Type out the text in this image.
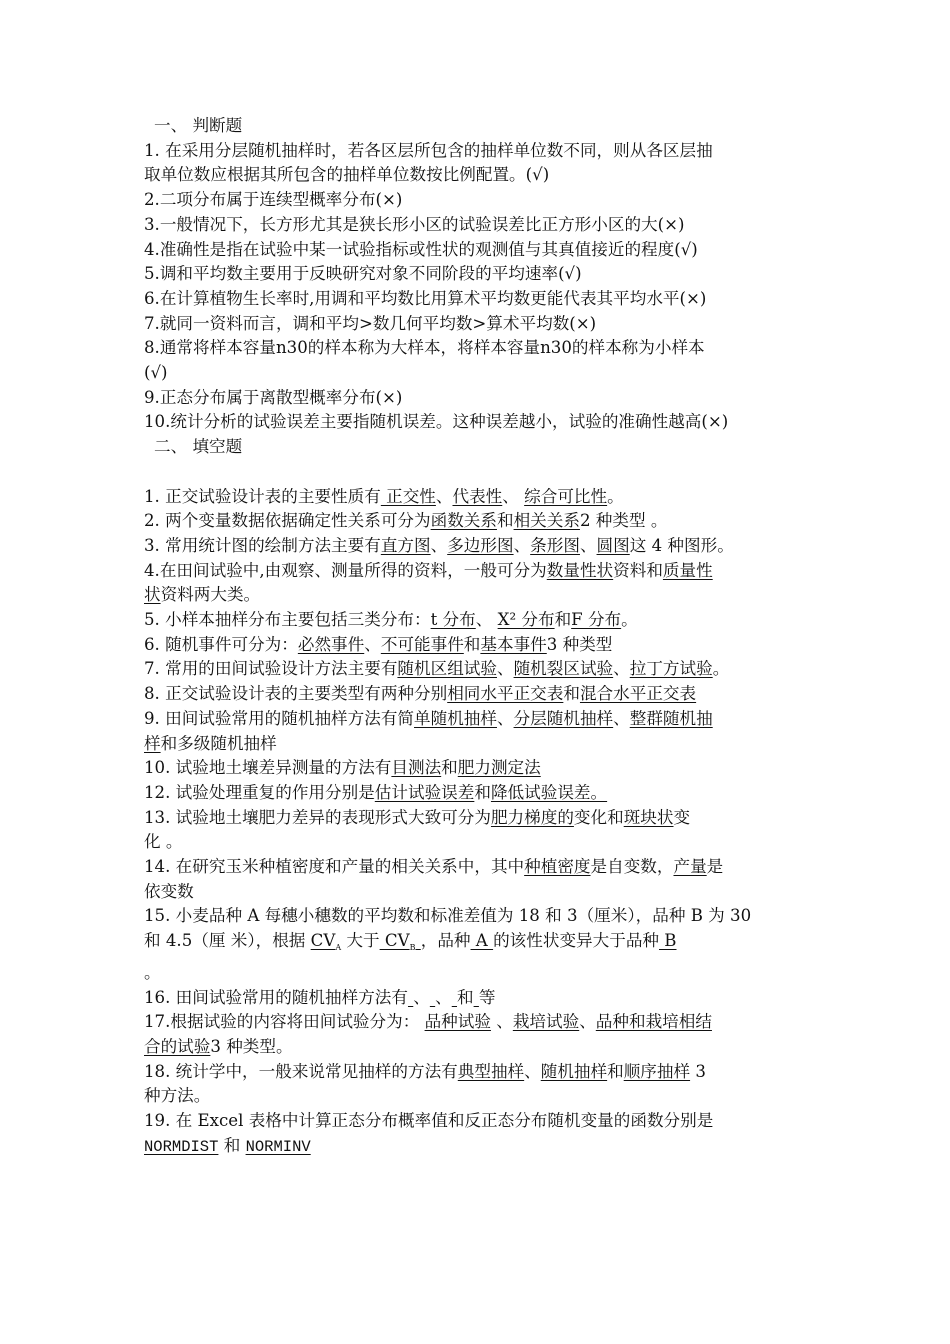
一、 判断题
1. 在采用分层随机抽样时，若各区层所包含的抽样单位数不同，则从各区层抽
取单位数应根据其所包含的抽样单位数按比例配置。(√)
2.二项分布属于连续型概率分布(×)
3.一般情况下，长方形尤其是狭长形小区的试验误差比正方形小区的大(×)
4.准确性是指在试验中某一试验指标或性状的观测值与其真值接近的程度(√)
5.调和平均数主要用于反映研究对象不同阶段的平均速率(√)
6.在计算植物生长率时,用调和平均数比用算术平均数更能代表其平均水平(×)
7.就同一资料而言，调和平均>数几何平均数>算术平均数(×)
8.通常将样本容量n30的样本称为大样本，将样本容量n30的样本称为小样本
(√)
9.正态分布属于离散型概率分布(×)
10.统计分析的试验误差主要指随机误差。这种误差越小，试验的准确性越高(×)
二、 填空题
1. 正交试验设计表的主要性质有 正交性、代表性、 综合可比性。
2. 两个变量数据依据确定性关系可分为函数关系和相关关系2 种类型 。
3. 常用统计图的绘制方法主要有直方图、多边形图、条形图、圆图这 4 种图形。
4.在田间试验中,由观察、测量所得的资料，一般可分为数量性状资料和质量性
状资料两大类。
5. 小样本抽样分布主要包括三类分布：t 分布、 X² 分布和F 分布。
6. 随机事件可分为：必然事件、不可能事件和基本事件3 种类型
7. 常用的田间试验设计方法主要有随机区组试验、随机裂区试验、拉丁方试验。
8. 正交试验设计表的主要类型有两种分别相同水平正交表和混合水平正交表
9. 田间试验常用的随机抽样方法有简单随机抽样、分层随机抽样、整群随机抽
样和多级随机抽样
10. 试验地土壤差异测量的方法有目测法和肥力测定法
12. 试验处理重复的作用分别是估计试验误差和降低试验误差。
13. 试验地土壤肥力差异的表现形式大致可分为肥力梯度的变化和斑块状变
化 。
14. 在研究玉米种植密度和产量的相关关系中，其中种植密度是自变数，产量是
依变数
15. 小麦品种 A 每穗小穗数的平均数和标准差值为 18 和 3（厘米），品种 B 为 30
和 4.5（厘 米），根据 $CV_A$ 大于 $CV_B$ ，品种 A 的该性状变异大于品种 B
。
16. 田间试验常用的随机抽样方法有 、 、 和 等
17.根据试验的内容将田间试验分为： 品种试验 、栽培试验、品种和栽培相结
合的试验3 种类型。
18. 统计学中，一般来说常见抽样的方法有典型抽样、随机抽样和顺序抽样 3
种方法。
19. 在 Excel 表格中计算正态分布概率值和反正态分布随机变量的函数分别是
NORMDIST 和 NORMINV
